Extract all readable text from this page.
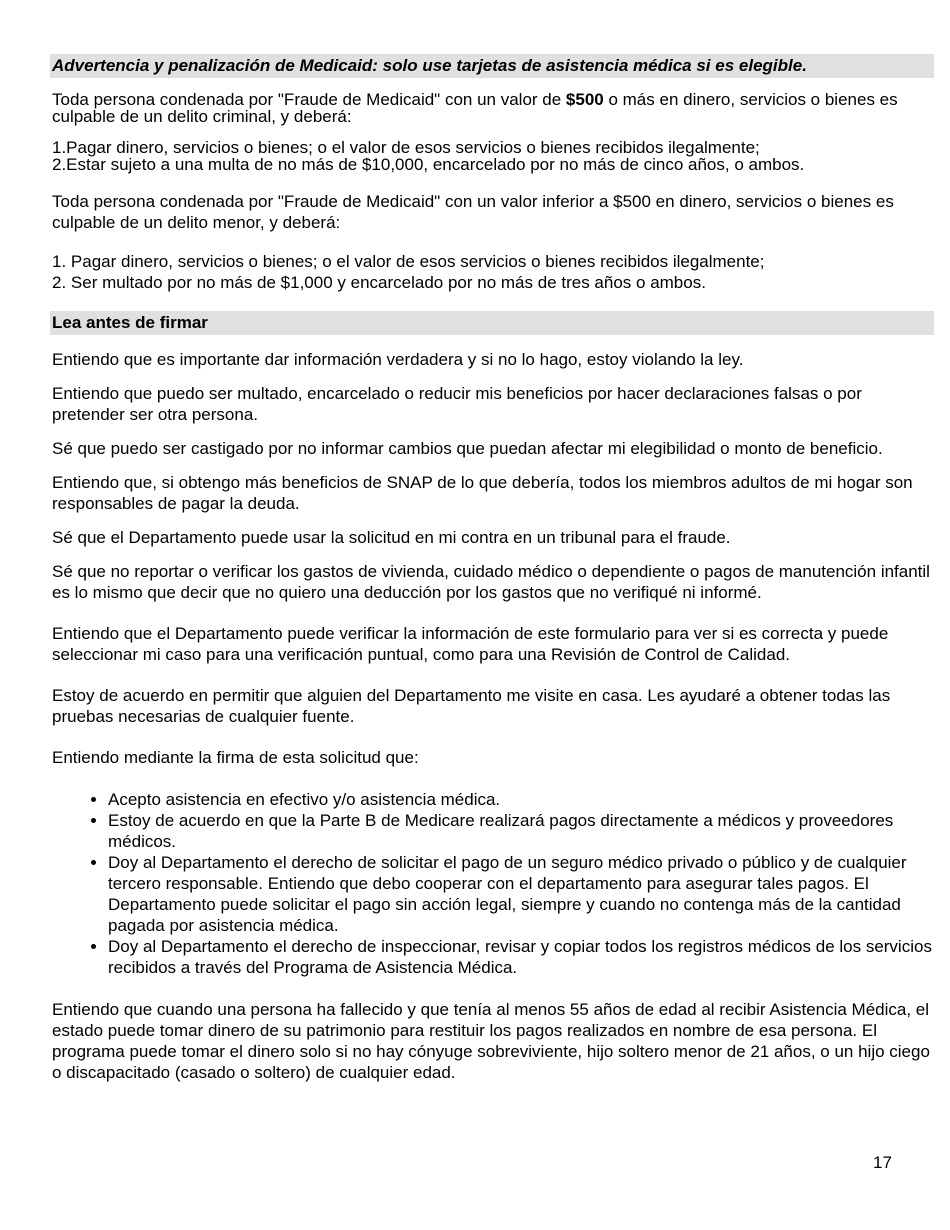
Advertencia y penalización de Medicaid: solo use tarjetas de asistencia médica si es elegible.

Toda persona condenada por "Fraude de Medicaid" con un valor de $500 o más en dinero, servicios o bienes es culpable de un delito criminal, y deberá:

1.Pagar dinero, servicios o bienes; o el valor de esos servicios o bienes recibidos ilegalmente;

2.Estar sujeto a una multa de no más de $10,000, encarcelado por no más de cinco años, o ambos.

Toda persona condenada por "Fraude de Medicaid" con un valor inferior a $500 en dinero, servicios o bienes es culpable de un delito menor, y deberá:

1. Pagar dinero, servicios o bienes; o el valor de esos servicios o bienes recibidos ilegalmente;

2. Ser multado por no más de $1,000 y encarcelado por no más de tres años o ambos.

Lea antes de firmar

Entiendo que es importante dar información verdadera y si no lo hago, estoy violando la ley.

Entiendo que puedo ser multado, encarcelado o reducir mis beneficios por hacer declaraciones falsas o por pretender ser otra persona.

Sé que puedo ser castigado por no informar cambios que puedan afectar mi elegibilidad o monto de beneficio.

Entiendo que, si obtengo más beneficios de SNAP de lo que debería, todos los miembros adultos de mi hogar son responsables de pagar la deuda.

Sé que el Departamento puede usar la solicitud en mi contra en un tribunal para el fraude.

Sé que no reportar o verificar los gastos de vivienda, cuidado médico o dependiente o pagos de manutención infantil es lo mismo que decir que no quiero una deducción por los gastos que no verifiqué ni informé.

Entiendo que el Departamento puede verificar la información de este formulario para ver si es correcta y puede seleccionar mi caso para una verificación puntual, como para una Revisión de Control de Calidad.

Estoy de acuerdo en permitir que alguien del Departamento me visite en casa. Les ayudaré a obtener todas las pruebas necesarias de cualquier fuente.

Entiendo mediante la firma de esta solicitud que:

• Acepto asistencia en efectivo y/o asistencia médica.
• Estoy de acuerdo en que la Parte B de Medicare realizará pagos directamente a médicos y proveedores médicos.
• Doy al Departamento el derecho de solicitar el pago de un seguro médico privado o público y de cualquier tercero responsable. Entiendo que debo cooperar con el departamento para asegurar tales pagos. El Departamento puede solicitar el pago sin acción legal, siempre y cuando no contenga más de la cantidad pagada por asistencia médica.
• Doy al Departamento el derecho de inspeccionar, revisar y copiar todos los registros médicos de los servicios recibidos a través del Programa de Asistencia Médica.

Entiendo que cuando una persona ha fallecido y que tenía al menos 55 años de edad al recibir Asistencia Médica, el estado puede tomar dinero de su patrimonio para restituir los pagos realizados en nombre de esa persona. El programa puede tomar el dinero solo si no hay cónyuge sobreviviente, hijo soltero menor de 21 años, o un hijo ciego o discapacitado (casado o soltero) de cualquier edad.

17
